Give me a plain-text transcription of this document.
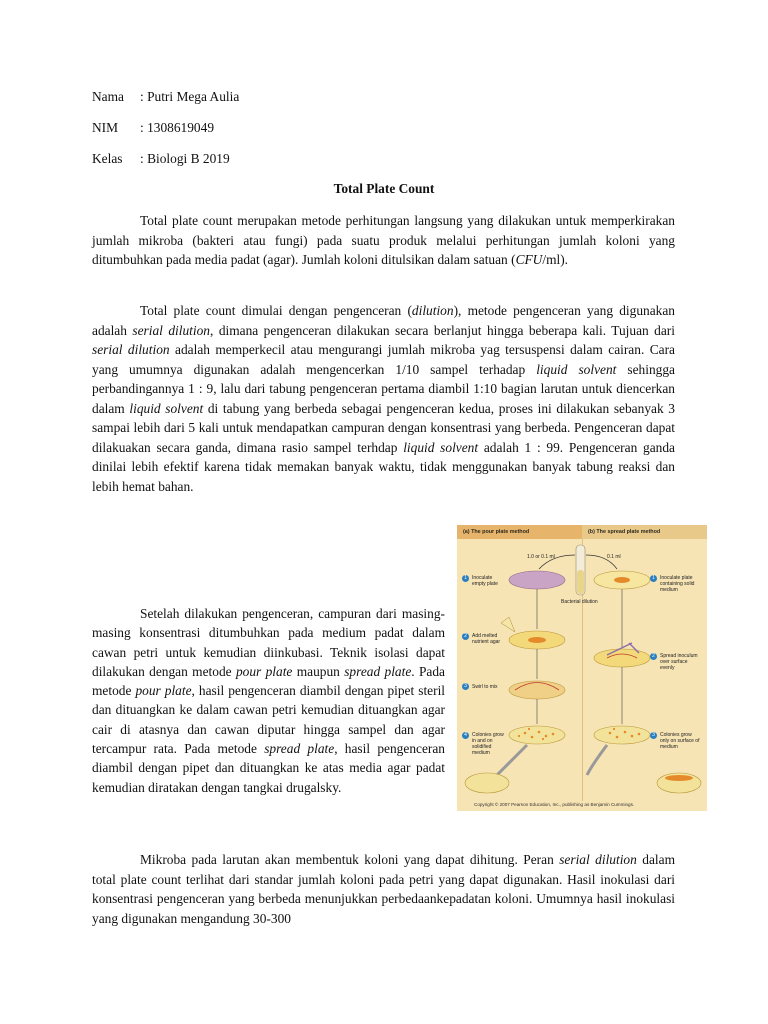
Nama : Putri Mega Aulia
NIM : 1308619049
Kelas : Biologi B 2019
Total Plate Count

Total plate count merupakan metode perhitungan langsung yang dilakukan untuk memperkirakan jumlah mikroba (bakteri atau fungi) pada suatu produk melalui perhitungan jumlah koloni yang ditumbuhkan pada media padat (agar). Jumlah koloni ditulsikan dalam satuan (CFU/ml).

Total plate count dimulai dengan pengenceran (dilution), metode pengenceran yang digunakan adalah serial dilution, dimana pengenceran dilakukan secara berlanjut hingga beberapa kali. Tujuan dari serial dilution adalah memperkecil atau mengurangi jumlah mikroba yag tersuspensi dalam cairan. Cara yang umumnya digunakan adalah mengencerkan 1/10 sampel terhadap liquid solvent sehingga perbandingannya 1 : 9, lalu dari tabung pengenceran pertama diambil 1:10 bagian larutan untuk diencerkan dalam liquid solvent di tabung yang berbeda sebagai pengenceran kedua, proses ini dilakukan sebanyak 3 sampai lebih dari 5 kali untuk mendapatkan campuran dengan konsentrasi yang berbeda. Pengenceran dapat dilakuakan secara ganda, dimana rasio sampel terhdap liquid solvent adalah 1 : 99. Pengenceran ganda dinilai lebih efektif karena tidak memakan banyak waktu, tidak menggunakan banyak tabung reaksi dan lebih hemat bahan.

Setelah dilakukan pengenceran, campuran dari masing-masing konsentrasi ditumbuhkan pada medium padat dalam cawan petri untuk kemudian diinkubasi. Teknik isolasi dapat dilakukan dengan metode pour plate maupun spread plate. Pada metode pour plate, hasil pengenceran diambil dengan pipet steril dan dituangkan ke dalam cawan petri kemudian dituangkan agar cair di atasnya dan cawan diputar hingga sampel dan agar tercampur rata. Pada metode spread plate, hasil pengenceran diambil dengan pipet dan dituangkan ke atas media agar padat kemudian diratakan dengan tangkai drugalsky.

Mikroba pada larutan akan membentuk koloni yang dapat dihitung. Peran serial dilution dalam total plate count terlihat dari standar jumlah koloni pada petri yang dapat digunakan. Hasil inokulasi dari konsentrasi pengenceran yang berbeda menunjukkan perbedaankepadatan koloni. Umumnya hasil inokulasi yang digunakan mengandung 30-300

(a) The pour plate method	(b) The spread plate method
1.0 or 0.1 ml	0.1 ml
Bacterial dilution
1	Inoculate empty plate
2	Add melted nutrient agar
3	Swirl to mix
4	Colonies grow in and on solidified medium
1	Inoculate plate containing solid medium
2	Spread inoculum over surface evenly
3	Colonies grow only on surface of medium
Copyright © 2007 Pearson Education, Inc., publishing as Benjamin Cummings.
